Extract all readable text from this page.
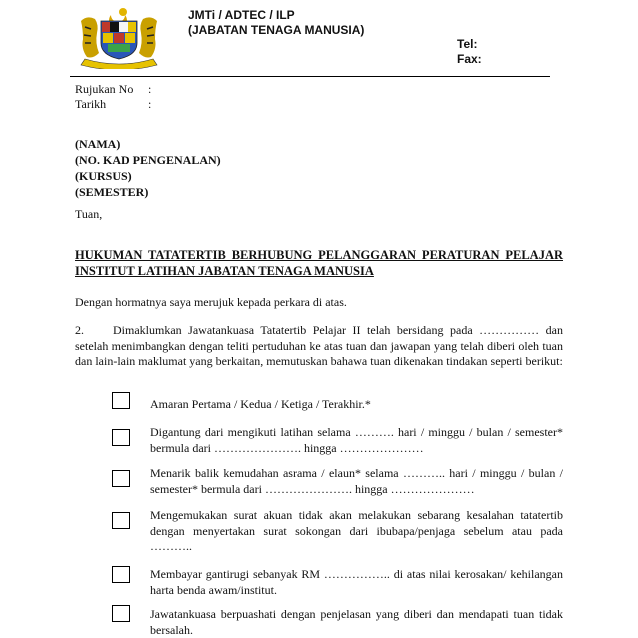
JMTi / ADTEC / ILP
(JABATAN TENAGA MANUSIA)
Tel:
Fax:
Rujukan No :
Tarikh	:
(NAMA)
(NO. KAD PENGENALAN)
(KURSUS)
(SEMESTER)
Tuan,
HUKUMAN TATATERTIB BERHUBUNG PELANGGARAN PERATURAN PELAJAR INSTITUT LATIHAN JABATAN TENAGA MANUSIA
Dengan hormatnya saya merujuk kepada perkara di atas.
2.	Dimaklumkan Jawatankuasa Tatatertib Pelajar II telah bersidang pada …………… dan
setelah menimbangkan dengan teliti pertuduhan ke atas tuan dan jawapan yang telah diberi oleh tuan dan lain-lain maklumat yang berkaitan, memutuskan bahawa tuan dikenakan tindakan seperti berikut:
Amaran Pertama / Kedua / Ketiga / Terakhir.*
Digantung dari mengikuti latihan selama ………. hari / minggu / bulan / semester* bermula dari …………………. hingga …………………
Menarik balik kemudahan asrama / elaun* selama ……….. hari / minggu / bulan / semester* bermula dari …………………. hingga …………………
Mengemukakan surat akuan tidak akan melakukan sebarang kesalahan tatatertib dengan menyertakan surat sokongan dari ibubapa/penjaga sebelum atau pada ………..
Membayar gantirugi sebanyak RM …………….. di atas nilai kerosakan/ kehilangan harta benda awam/institut.
Jawatankuasa berpuashati dengan penjelasan yang diberi dan mendapati tuan tidak bersalah.
